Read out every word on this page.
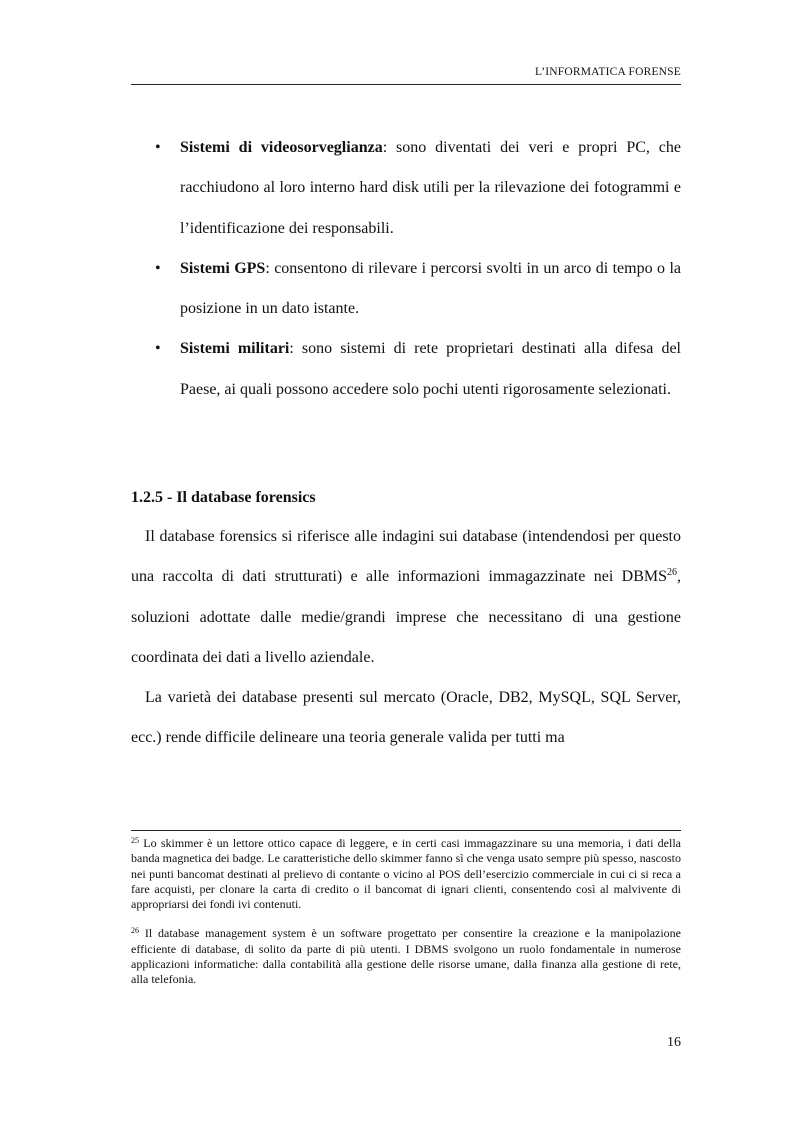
L’INFORMATICA FORENSE
• Sistemi di videosorveglianza: sono diventati dei veri e propri PC, che racchiudono al loro interno hard disk utili per la rilevazione dei fotogrammi e l’identificazione dei responsabili.
• Sistemi GPS: consentono di rilevare i percorsi svolti in un arco di tempo o la posizione in un dato istante.
• Sistemi militari: sono sistemi di rete proprietari destinati alla difesa del Paese, ai quali possono accedere solo pochi utenti rigorosamente selezionati.
1.2.5 - Il database forensics

Il database forensics si riferisce alle indagini sui database (intendendosi per questo una raccolta di dati strutturati) e alle informazioni immagazzinate nei DBMS$^{26}$, soluzioni adottate dalle medie/grandi imprese che necessitano di una gestione coordinata dei dati a livello aziendale.

La varietà dei database presenti sul mercato (Oracle, DB2, MySQL, SQL Server, ecc.) rende difficile delineare una teoria generale valida per tutti ma

$^{25}$ Lo skimmer è un lettore ottico capace di leggere, e in certi casi immagazzinare su una memoria, i dati della banda magnetica dei badge. Le caratteristiche dello skimmer fanno sì che venga usato sempre più spesso, nascosto nei punti bancomat destinati al prelievo di contante o vicino al POS dell’esercizio commerciale in cui ci si reca a fare acquisti, per clonare la carta di credito o il bancomat di ignari clienti, consentendo così al malvivente di appropriarsi dei fondi ivi contenuti.

$^{26}$ Il database management system è un software progettato per consentire la creazione e la manipolazione efficiente di database, di solito da parte di più utenti. I DBMS svolgono un ruolo fondamentale in numerose applicazioni informatiche: dalla contabilità alla gestione delle risorse umane, dalla finanza alla gestione di rete, alla telefonia.

16
